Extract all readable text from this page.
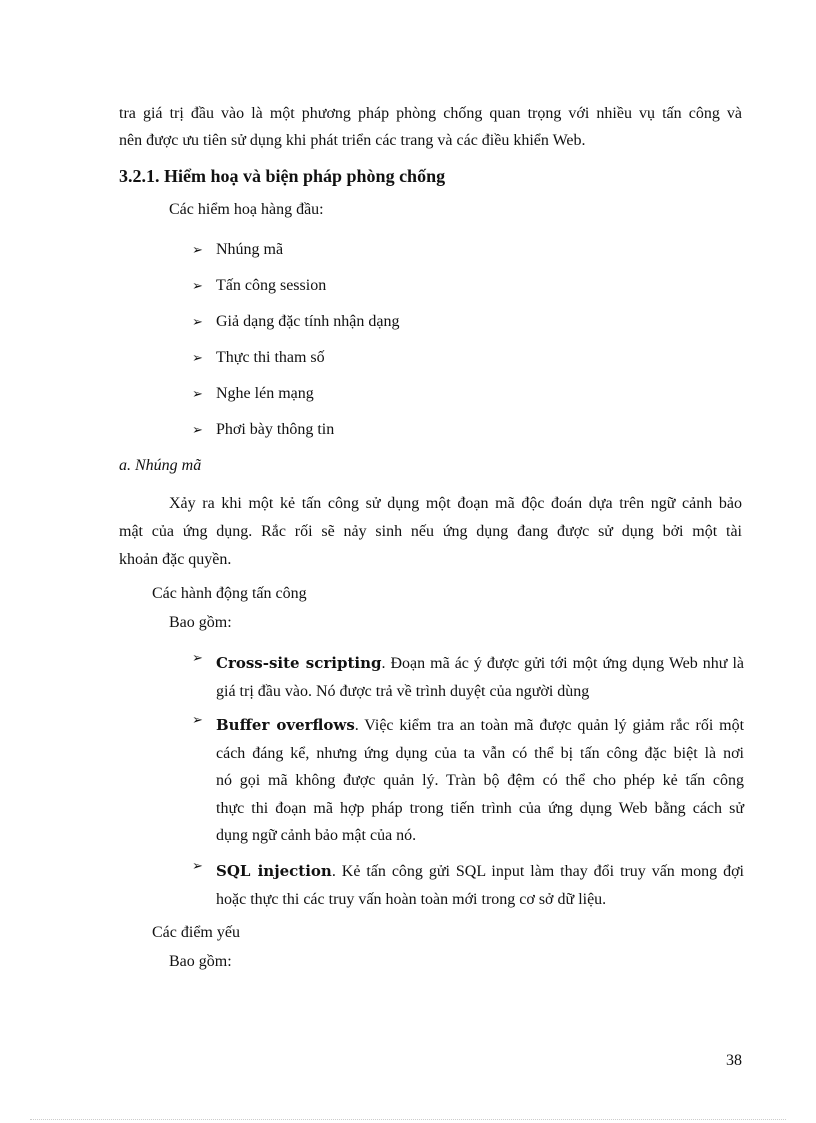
tra giá trị đầu vào là một phương pháp phòng chống quan trọng với nhiều vụ tấn công và

nên được ưu tiên sử dụng khi phát triển các trang và các điều khiển Web.

3.2.1. Hiểm hoạ và biện pháp phòng chống

Các hiểm hoạ hàng đầu:

➢ Nhúng mã
➢ Tấn công session
➢ Giả dạng đặc tính nhận dạng
➢ Thực thi tham số
➢ Nghe lén mạng
➢ Phơi bày thông tin

a. Nhúng mã

Xảy ra khi một kẻ tấn công sử dụng một đoạn mã độc đoán dựa trên ngữ cảnh bảo

mật của ứng dụng. Rắc rối sẽ nảy sinh nếu ứng dụng đang được sử dụng bởi một tài

khoản đặc quyền.

Các hành động tấn công

Bao gồm:

➢ Cross-site scripting. Đoạn mã ác ý được gửi tới một ứng dụng Web như là
giá trị đầu vào. Nó được trả về trình duyệt của người dùng
➢ Buffer overflows. Việc kiểm tra an toàn mã được quản lý giảm rắc rối một cách đáng kể, nhưng ứng dụng của ta vẫn có thể bị tấn công đặc biệt là nơi nó gọi mã không được quản lý. Tràn bộ đệm có thể cho phép kẻ tấn công thực thi đoạn mã hợp pháp trong tiến trình của ứng dụng Web bằng cách sử
dụng ngữ cảnh bảo mật của nó.
➢ SQL injection. Kẻ tấn công gửi SQL input làm thay đổi truy vấn mong đợi
hoặc thực thi các truy vấn hoàn toàn mới trong cơ sở dữ liệu.

Các điểm yếu

Bao gồm:

38
